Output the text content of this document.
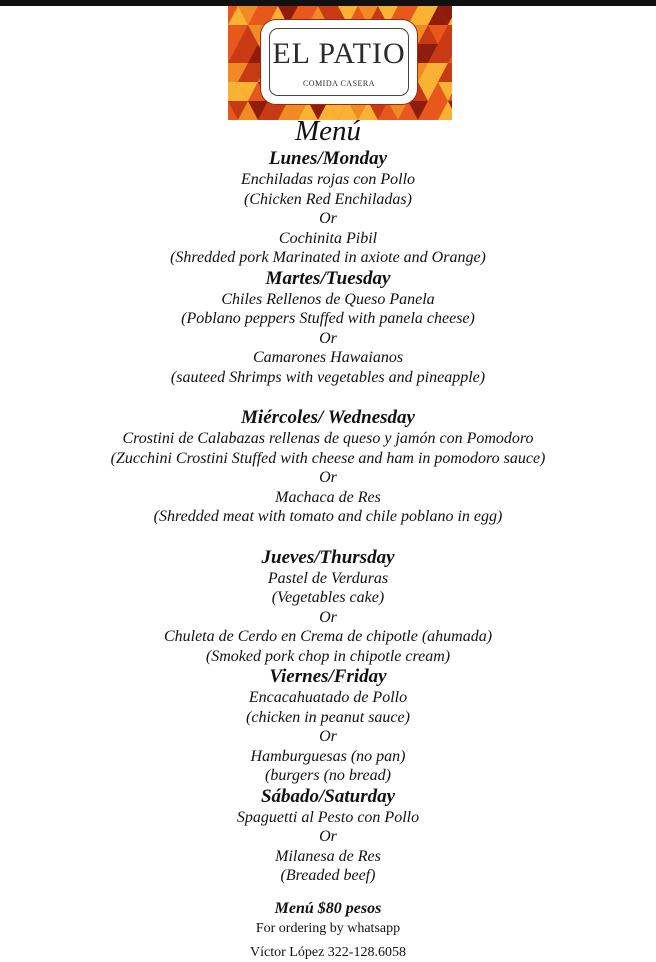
EL PATIO
COMIDA CASERA
Menú

Lunes/Monday

Enchiladas rojas con Pollo

(Chicken Red Enchiladas)

Or

Cochinita Pibil

(Shredded pork Marinated in axiote and Orange)

Martes/Tuesday

Chiles Rellenos de Queso Panela

(Poblano peppers Stuffed with panela cheese)

Or

Camarones Hawaianos

(sauteed Shrimps with vegetables and pineapple)

Miércoles/ Wednesday

Crostini de Calabazas rellenas de queso y jamón con Pomodoro

(Zucchini Crostini Stuffed with cheese and ham in pomodoro sauce)

Or

Machaca de Res

(Shredded meat with tomato and chile poblano in egg)

Jueves/Thursday

Pastel de Verduras

(Vegetables cake)

Or

Chuleta de Cerdo en Crema de chipotle (ahumada)

(Smoked pork chop in chipotle cream)

Viernes/Friday

Encacahuatado de Pollo

(chicken in peanut sauce)

Or

Hamburguesas (no pan)

(burgers (no bread)

Sábado/Saturday

Spaguetti al Pesto con Pollo

Or

Milanesa de Res

(Breaded beef)

Menú $80 pesos

For ordering by whatsapp

Víctor López 322-128.6058
